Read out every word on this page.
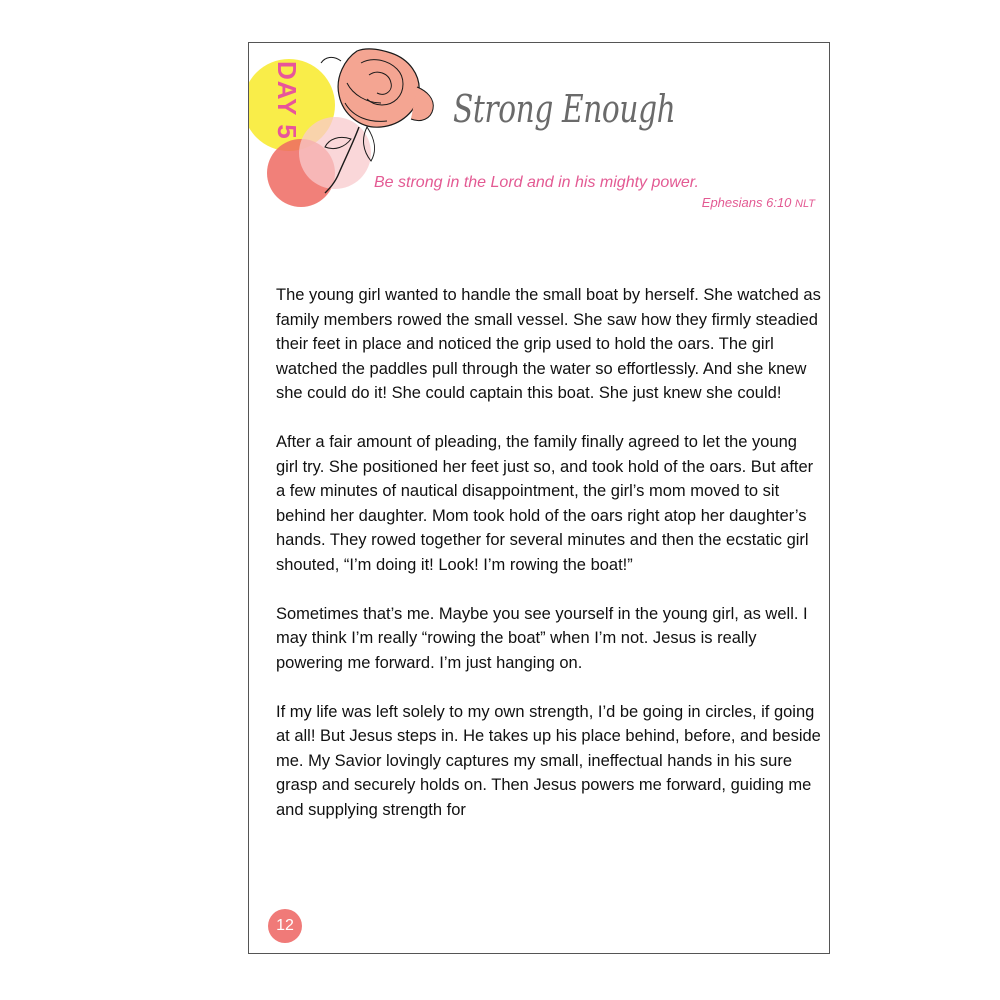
DAY 5	Strong Enough
Be strong in the Lord and in his mighty power.
Ephesians 6:10 NLT

The young girl wanted to handle the small boat by herself. She watched as family members rowed the small vessel. She saw how they firmly steadied their feet in place and noticed the grip used to hold the oars. The girl watched the paddles pull through the water so effortlessly. And she knew she could do it! She could captain this boat. She just knew she could!

After a fair amount of pleading, the family finally agreed to let the young girl try. She positioned her feet just so, and took hold of the oars. But after a few minutes of nautical disappointment, the girl’s mom moved to sit behind her daughter. Mom took hold of the oars right atop her daughter’s hands. They rowed together for several minutes and then the ecstatic girl shouted, “I’m doing it! Look! I’m rowing the boat!”

Sometimes that’s me. Maybe you see yourself in the young girl, as well. I may think I’m really “rowing the boat” when I’m not. Jesus is really powering me forward. I’m just hanging on.

If my life was left solely to my own strength, I’d be going in circles, if going at all! But Jesus steps in. He takes up his place behind, before, and beside me. My Savior lovingly captures my small, ineffectual hands in his sure grasp and securely holds on. Then Jesus powers me forward, guiding me and supplying strength for

12
